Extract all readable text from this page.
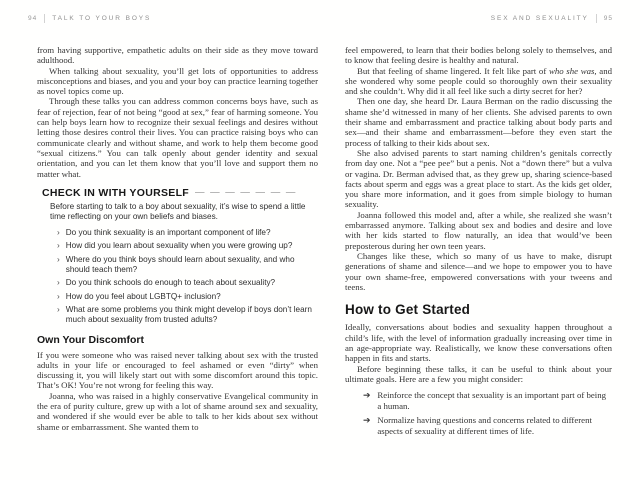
94 TALK TO YOUR BOYS	SEX AND SEXUALITY 95

from having supportive, empathetic adults on their side as they move toward adulthood.

When talking about sexuality, you’ll get lots of opportunities to address misconceptions and biases, and you and your boy can practice learning together as novel topics come up.

Through these talks you can address common concerns boys have, such as fear of rejection, fear of not being “good at sex,” fear of harming someone. You can help boys learn how to recognize their sexual feelings and desires without letting those desires control their lives. You can practice raising boys who can communicate clearly and without shame, and work to help them become good “sexual citizens.” You can talk openly about gender identity and sexual orientation, and you can let them know that you’ll love and support them no matter what.

CHECK IN WITH YOURSELF — — — — — — —
Before starting to talk to a boy about sexuality, it’s wise to spend a little time reflecting on your own beliefs and biases.
› Do you think sexuality is an important component of life?
› How did you learn about sexuality when you were growing up?
› Where do you think boys should learn about sexuality, and who should teach them?
› Do you think schools do enough to teach about sexuality?
› How do you feel about LGBTQ+ inclusion?
› What are some problems you think might develop if boys don’t learn much about sexuality from trusted adults?
Own Your Discomfort

If you were someone who was raised never talking about sex with the trusted adults in your life or encouraged to feel ashamed or even “dirty” when discussing it, you will likely start out with some discomfort around this topic. That’s OK! You’re not wrong for feeling this way.

Joanna, who was raised in a highly conservative Evangelical community in the era of purity culture, grew up with a lot of shame around sex and sexuality, and wondered if she would ever be able to talk to her kids about sex without shame or embarrassment. She wanted them to

feel empowered, to learn that their bodies belong solely to themselves, and to know that feeling desire is healthy and natural.

But that feeling of shame lingered. It felt like part of who she was, and she wondered why some people could so thoroughly own their sexuality and she couldn’t. Why did it all feel like such a dirty secret for her?

Then one day, she heard Dr. Laura Berman on the radio discussing the shame she’d witnessed in many of her clients. She advised parents to own their shame and embarrassment and practice talking about body parts and sex—and their shame and embarrassment—before they even start the process of talking to their kids about sex.

She also advised parents to start naming children’s genitals correctly from day one. Not a “pee pee” but a penis. Not a “down there” but a vulva or vagina. Dr. Berman advised that, as they grew up, sharing science-based facts about sperm and eggs was a great place to start. As the kids get older, you share more information, and it goes from simple biology to human sexuality.

Joanna followed this model and, after a while, she realized she wasn’t embarrassed anymore. Talking about sex and bodies and desire and love with her kids started to flow naturally, an idea that would’ve been preposterous during her own teen years.

Changes like these, which so many of us have to make, disrupt generations of shame and silence—and we hope to empower you to have your own shame-free, empowered conversations with your tweens and teens.

How to Get Started

Ideally, conversations about bodies and sexuality happen throughout a child’s life, with the level of information gradually increasing over time in an age-appropriate way. Realistically, we know these conversations often happen in fits and starts.

Before beginning these talks, it can be useful to think about your ultimate goals. Here are a few you might consider:

➔ Reinforce the concept that sexuality is an important part of being a human.
➔ Normalize having questions and concerns related to different aspects of sexuality at different times of life.
